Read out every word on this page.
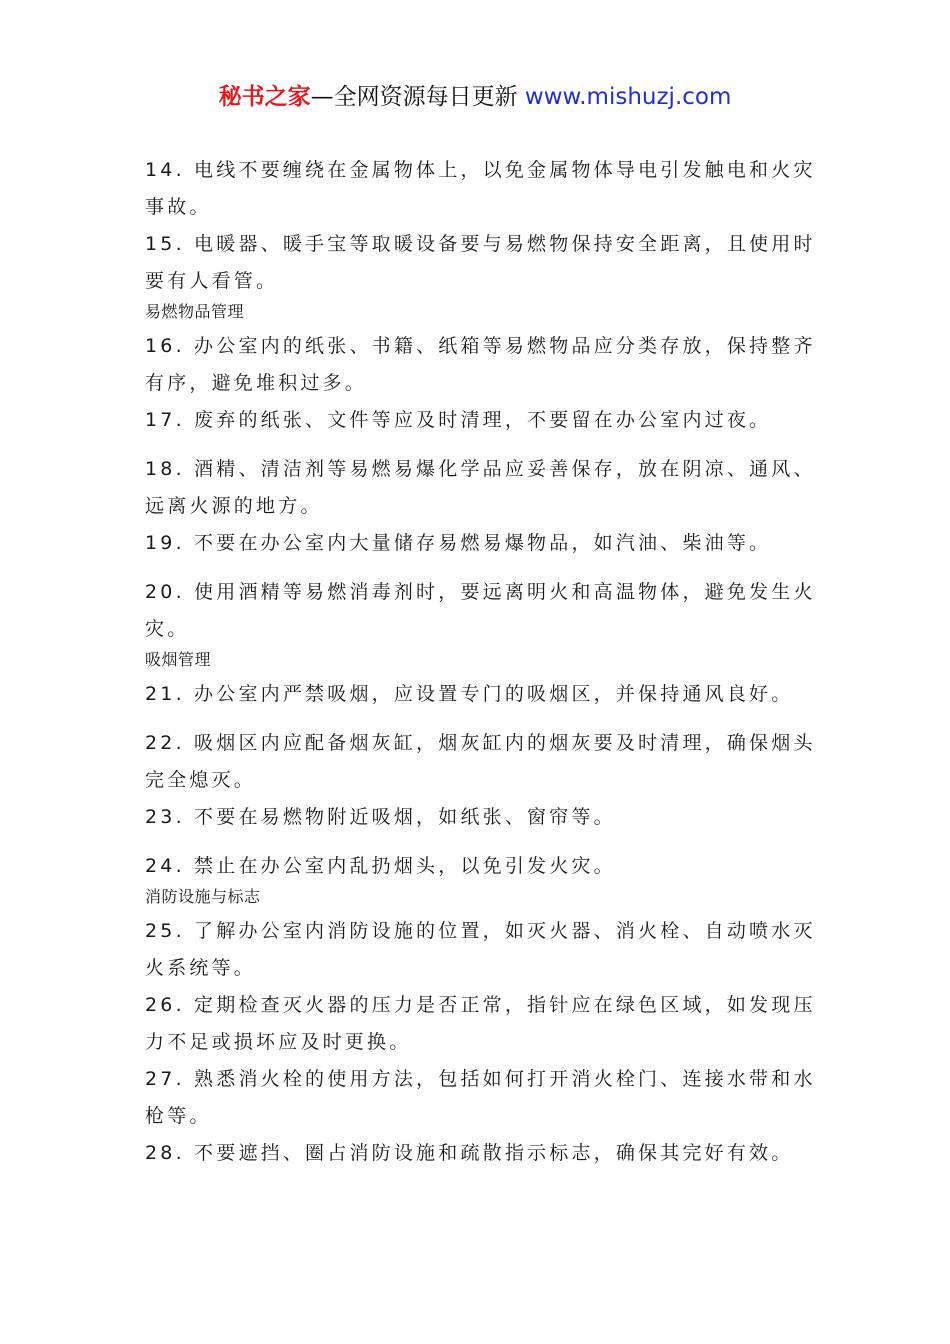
秘书之家—全网资源每日更新 www.mishuzj.com

14. 电线不要缠绕在金属物体上，以免金属物体导电引发触电和火灾事故。

15. 电暖器、暖手宝等取暖设备要与易燃物保持安全距离，且使用时要有人看管。

易燃物品管理

16. 办公室内的纸张、书籍、纸箱等易燃物品应分类存放，保持整齐有序，避免堆积过多。

17. 废弃的纸张、文件等应及时清理，不要留在办公室内过夜。

18. 酒精、清洁剂等易燃易爆化学品应妥善保存，放在阴凉、通风、远离火源的地方。

19. 不要在办公室内大量储存易燃易爆物品，如汽油、柴油等。

20. 使用酒精等易燃消毒剂时，要远离明火和高温物体，避免发生火灾。

吸烟管理

21. 办公室内严禁吸烟，应设置专门的吸烟区，并保持通风良好。

22. 吸烟区内应配备烟灰缸，烟灰缸内的烟灰要及时清理，确保烟头完全熄灭。

23. 不要在易燃物附近吸烟，如纸张、窗帘等。

24. 禁止在办公室内乱扔烟头，以免引发火灾。

消防设施与标志

25. 了解办公室内消防设施的位置，如灭火器、消火栓、自动喷水灭火系统等。

26. 定期检查灭火器的压力是否正常，指针应在绿色区域，如发现压力不足或损坏应及时更换。

27. 熟悉消火栓的使用方法，包括如何打开消火栓门、连接水带和水枪等。

28. 不要遮挡、圈占消防设施和疏散指示标志，确保其完好有效。
